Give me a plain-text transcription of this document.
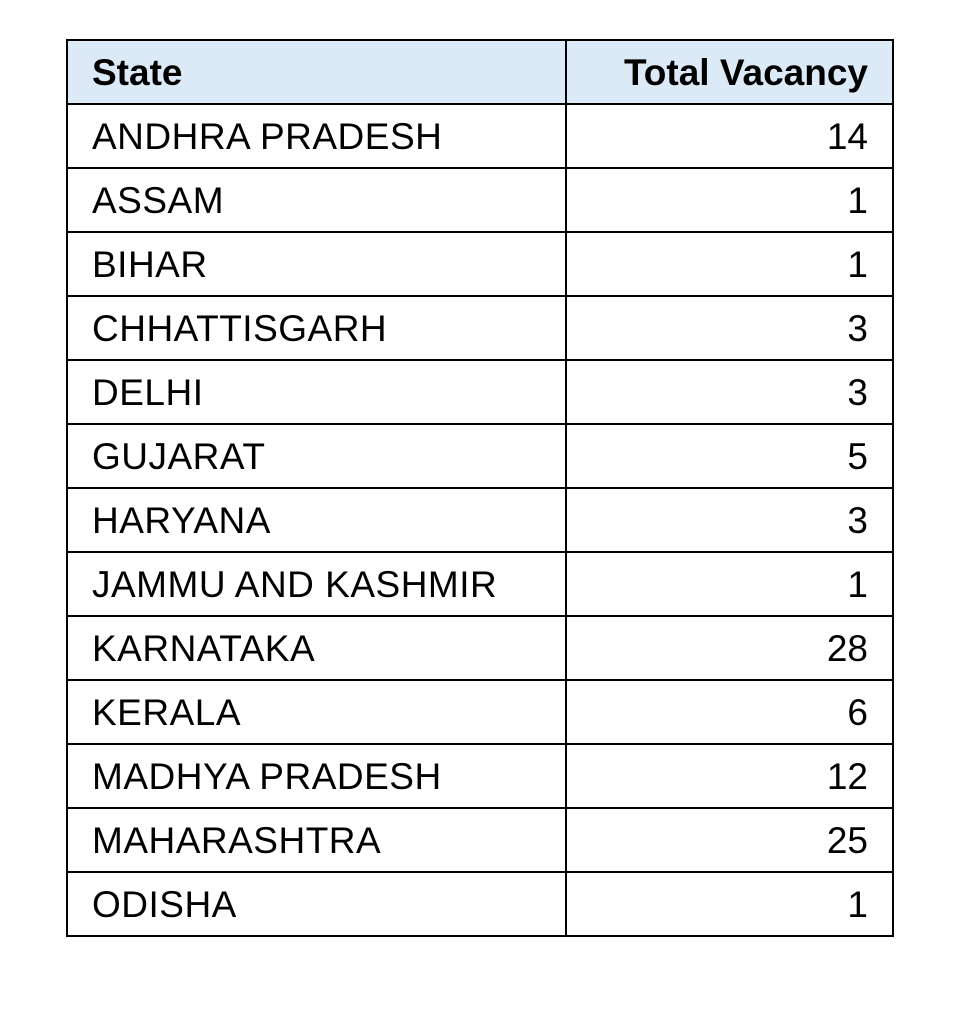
State	Total Vacancy
ANDHRA PRADESH	14
ASSAM	1
BIHAR	1
CHHATTISGARH	3
DELHI	3
GUJARAT	5
HARYANA	3
JAMMU AND KASHMIR	1
KARNATAKA	28
KERALA	6
MADHYA PRADESH	12
MAHARASHTRA	25
ODISHA	1
